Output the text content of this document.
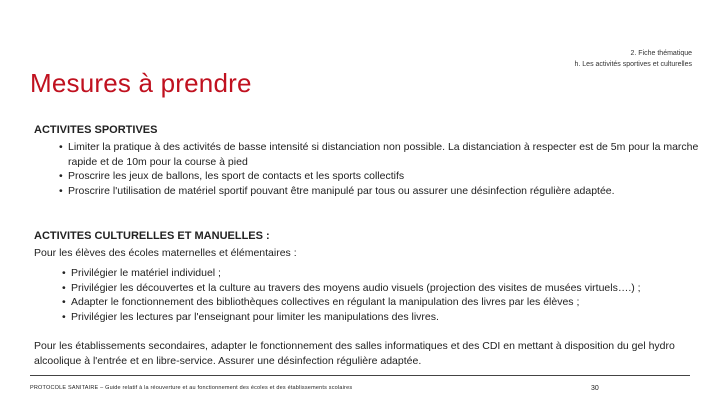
2. Fiche thématique
h. Les activités sportives et culturelles
Mesures à prendre
ACTIVITES SPORTIVES
• Limiter la pratique à des activités de basse intensité si distanciation non possible. La distanciation à respecter est de 5m pour la marche rapide et de 10m pour la course à pied
• Proscrire les jeux de ballons, les sport de contacts et les sports collectifs
• Proscrire l'utilisation de matériel sportif pouvant être manipulé par tous ou assurer une désinfection régulière adaptée.
ACTIVITES CULTURELLES ET MANUELLES :

Pour les élèves des écoles maternelles et élémentaires :

• Privilégier le matériel individuel ;
• Privilégier les découvertes et la culture au travers des moyens audio visuels (projection des visites de musées virtuels….) ;
• Adapter le fonctionnement des bibliothèques collectives en régulant la manipulation des livres par les élèves ;
• Privilégier les lectures par l'enseignant pour limiter les manipulations des livres.

Pour les établissements secondaires, adapter le fonctionnement des salles informatiques et des CDI en mettant à disposition du gel hydro alcoolique à l'entrée et en libre-service. Assurer une désinfection régulière adaptée.

PROTOCOLE SANITAIRE – Guide relatif à la réouverture et au fonctionnement des écoles et des établissements scolaires	30
